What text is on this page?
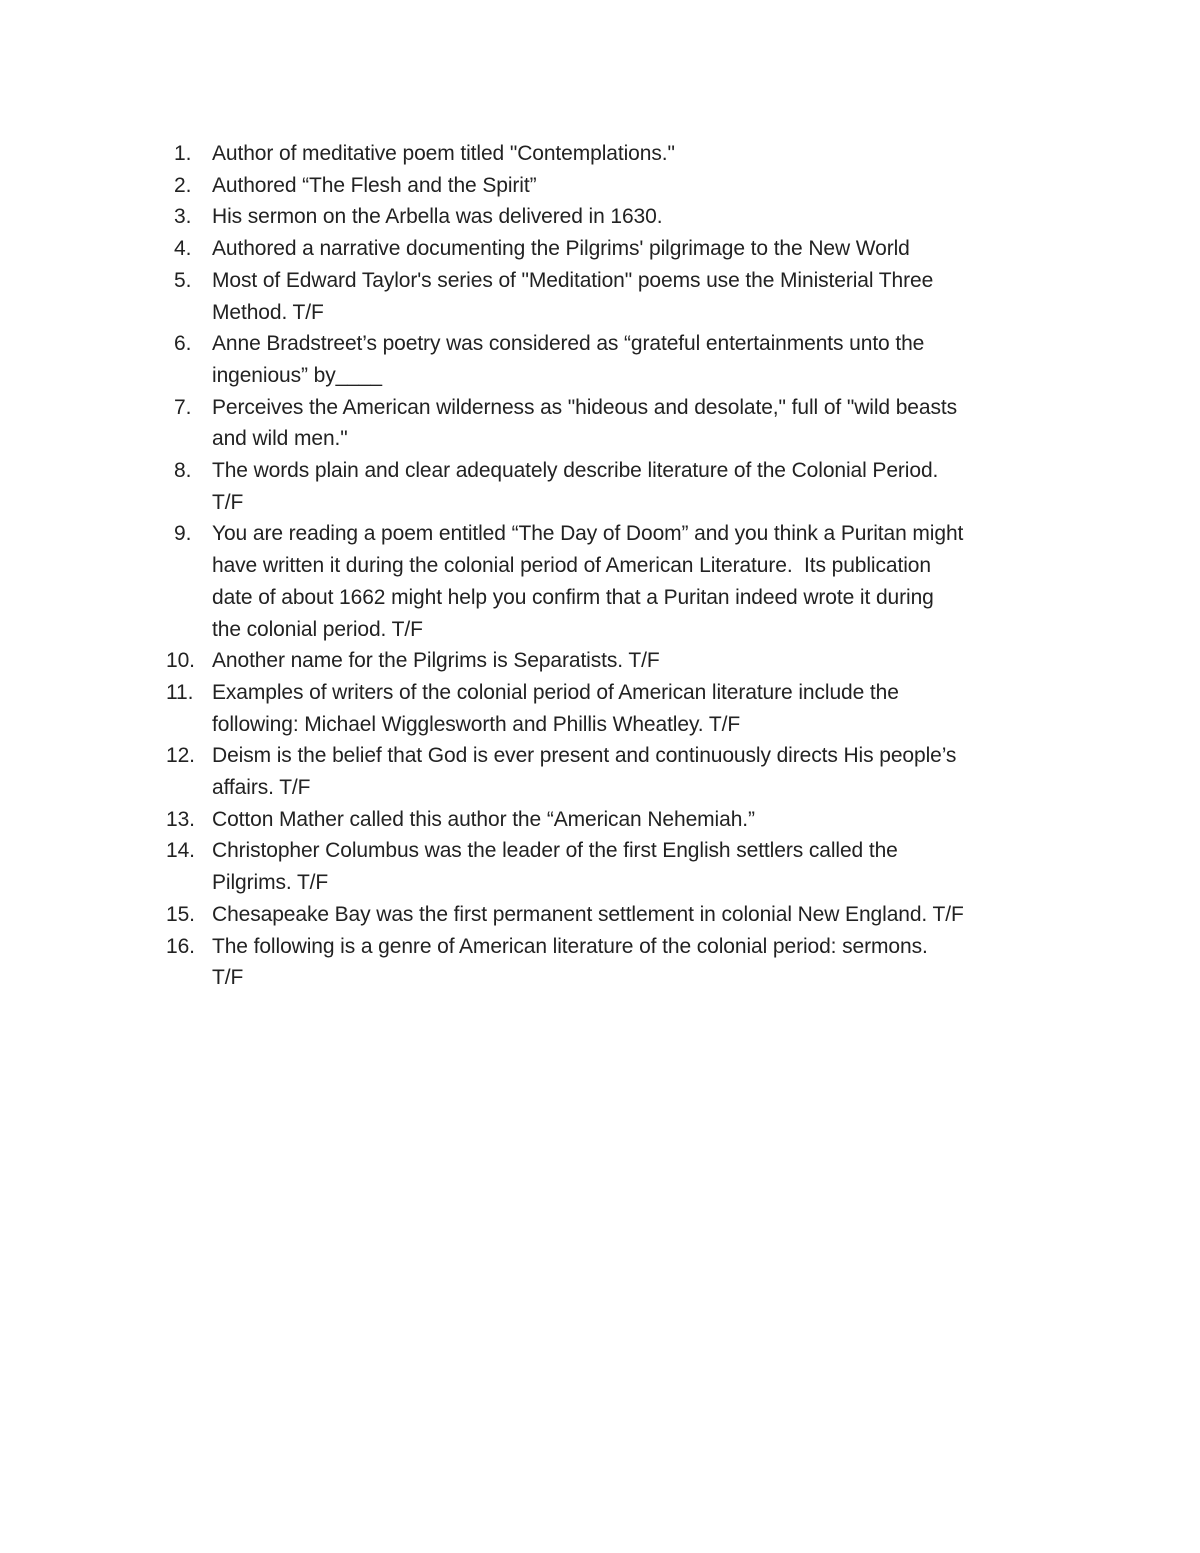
1. Author of meditative poem titled "Contemplations."
2. Authored “The Flesh and the Spirit”
3. His sermon on the Arbella was delivered in 1630.
4. Authored a narrative documenting the Pilgrims' pilgrimage to the New World
5. Most of Edward Taylor's series of "Meditation" poems use the Ministerial Three
Method. T/F
6. Anne Bradstreet’s poetry was considered as “grateful entertainments unto the
ingenious” by____
7. Perceives the American wilderness as "hideous and desolate," full of "wild beasts
and wild men."
8. The words plain and clear adequately describe literature of the Colonial Period.
T/F
9. You are reading a poem entitled “The Day of Doom” and you think a Puritan might
have written it during the colonial period of American Literature.  Its publication
date of about 1662 might help you confirm that a Puritan indeed wrote it during
the colonial period. T/F
10. Another name for the Pilgrims is Separatists. T/F
11. Examples of writers of the colonial period of American literature include the
following: Michael Wigglesworth and Phillis Wheatley. T/F
12. Deism is the belief that God is ever present and continuously directs His people’s
affairs. T/F
13. Cotton Mather called this author the “American Nehemiah.”
14. Christopher Columbus was the leader of the first English settlers called the
Pilgrims. T/F
15. Chesapeake Bay was the first permanent settlement in colonial New England. T/F
16. The following is a genre of American literature of the colonial period: sermons.
T/F
